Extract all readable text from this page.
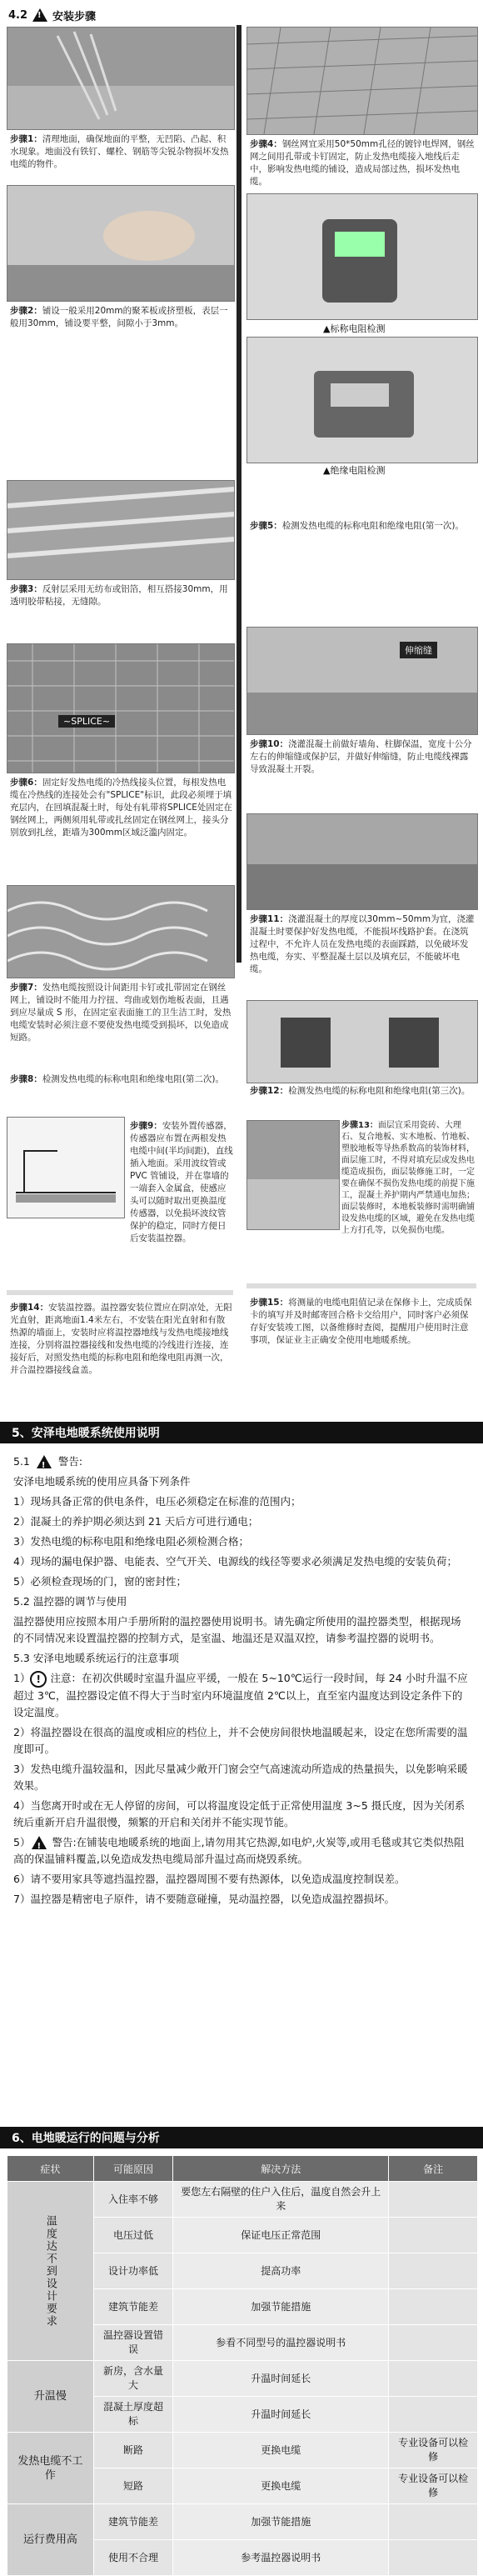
4.2 ! 安装步骤
步骤1：清理地面，确保地面的平整，无凹陷、凸起、积水现象。地面没有铁钉、螺栓、钢筋等尖锐杂物损坏发热电缆的物件。
步骤4：钢丝网宜采用50*50mm孔径的镀锌电焊网，钢丝网之间用孔带或卡钉固定，防止发热电缆接入地线后走中，影响发热电缆的铺设，造成局部过热，损坏发热电缆。
步骤2：铺设一般采用20mm的聚苯板或挤塑板，表层一般用30mm，铺设要平整，间隙小于3mm。	▲标称电阻检测
▲绝缘电阻检测
步骤3：反射层采用无纺布或铝箔，相互搭接30mm，用透明胶带粘接，无缝隙。
步骤5：检测发热电缆的标称电阻和绝缘电阻(第一次)。
伸缩缝
步骤10：浇灌混凝土前做好墙角、柱脚保温，宽度十公分左右的伸缩缝或保护层，并做好伸缩缝，防止电缆线裸露导致混凝土开裂。
~SPLICE~
步骤6：固定好发热电缆的冷热线接头位置，每根发热电缆在冷热线的连接处会有"SPLICE"标识，此段必须埋于填充层内，在回填混凝土时，每处有轧带将SPLICE处固定在钢丝网上，两侧须用轧带或扎丝固定在钢丝网上，接头分别放到扎丝，距墙为300mm区域泛滥内固定。
步骤11：浇灌混凝土的厚度以30mm~50mm为宜，浇灌混凝土时要保护好发热电缆，不能损坏线路护套。在浇筑过程中，不允许人员在发热电缆的表面踩踏，以免破坏发热电缆，夯实、平整混凝土层以及填充层，不能破坏电缆。
步骤7：发热电缆按照设计间距用卡钉或扎带固定在钢丝网上，铺设时不能用力拧扭、弯曲或划伤地板表面，且遇到应尽量成 S 形，在固定室表面施工的卫生洁工时，发热电缆安装时必须注意不要使发热电缆受到损坏，以免造成短路。
步骤12：检测发热电缆的标称电阻和绝缘电阻(第三次)。
步骤8：检测发热电缆的标称电阻和绝缘电阻(第二次)。
步骤9：安装外置传感器，传感器应布置在两根发热电缆中间(半均间距)，直线插入地面。采用波纹管或 PVC 管铺设，并在靠墙的一端套入金属盒，使感应头可以随时取出更换温度传感器，以免损坏波纹管保护的稳定，同时方便日后安装温控器。
步骤13：面层宜采用瓷砖、大理石、复合地板、实木地板、竹地板、塑胶地板等导热系数高的装饰材料，面层施工时，不得对填充层或发热电缆造成损伤，面层装修施工时，一定要在确保不损伤发热电缆的前提下施工，混凝土养护期内严禁通电加热；面层装修时，本地板装修时需明确铺设发热电缆的区域，避免在发热电缆上方打孔等，以免损伤电缆。
步骤14：安装温控器。温控器安装位置应在阴凉处，无阳光直射，距离地面1.4米左右，不安装在阳光直射和有散热源的墙面上，安装时应将温控器地线与发热电缆接地线连接，分别将温控器接线和发热电缆的冷线进行连接，连接好后，对照发热电缆的标称电阻和绝缘电阻再测一次，并合温控器接线盒盖。
步骤15：将测量的电缆电阻值记录在保修卡上，完成质保卡的填写并及时邮寄回合格卡交给用户，同时客户必须保存好安装竣工图，以备维修时查阅，提醒用户使用时注意事项，保证业主正确安全使用电地暖系统。
5、安泽电地暖系统使用说明

5.1 !	警告:

安泽电地暖系统的使用应具备下列条件

1）现场具备正常的供电条件，电压必须稳定在标准的范围内；

2）混凝土的养护期必须达到 21 天后方可进行通电；

3）发热电缆的标称电阻和绝缘电阻必须检测合格；

4）现场的漏电保护器、电能表、空气开关、电源线的线径等要求必须满足发热电缆的安装负荷；

5）必须检查现场的门，窗的密封性；

5.2 温控器的调节与使用

温控器使用应按照本用户手册所附的温控器使用说明书。请先确定所使用的温控器类型，根据现场的不同情况来设置温控器的控制方式，是室温、地温还是双温双控，请参考温控器的说明书。

5.3 安泽电地暖系统运行的注意事项

1） ! 注意：在初次供暖时室温升温应平缓，一般在 5~10℃运行一段时间，每 24 小时升温不应超过 3℃，温控器设定值不得大于当时室内环境温度值 2℃以上，直至室内温度达到设定条件下的设定温度。

2）将温控器设在很高的温度或相应的档位上，并不会使房间很快地温暖起来，设定在您所需要的温度即可。

3）发热电缆升温较温和，因此尽量减少敞开门窗会空气高速流动所造成的热量损失，以免影响采暖效果。

4）当您离开时或在无人停留的房间，可以将温度设定低于正常使用温度 3~5 摄氏度，因为关闭系统后重新开启升温很慢，频繁的开启和关闭并不能实现节能。

5） ! 警告:在铺装电地暖系统的地面上,请勿用其它热源,如电炉,火炭等,或用毛毯或其它类似热阻高的保温铺料覆盖,以免造成发热电缆局部升温过高而烧毁系统。

6）请不要用家具等遮挡温控器，温控器周围不要有热源体，以免造成温度控制误差。

7）温控器是精密电子原件，请不要随意碰撞，晃动温控器，以免造成温控器损坏。

6、电地暖运行的问题与分析
症状	可能原因	解决方法	备注

温度达不到设计要求	入住率不够	要您左右隔壁的住户入住后，温度自然会升上来	
	电压过低	保证电压正常范围	
	设计功率低	提高功率	
	建筑节能差	加强节能措施	
	温控器设置错误	参看不同型号的温控器说明书	
升温慢	新房，含水量大	升温时间延长	
	混凝土厚度超标	升温时间延长	
发热电缆不工作	断路	更换电缆	专业设备可以检修
	短路	更换电缆	专业设备可以检修
运行费用高	建筑节能差	加强节能措施	
	使用不合理	参考温控器说明书	
